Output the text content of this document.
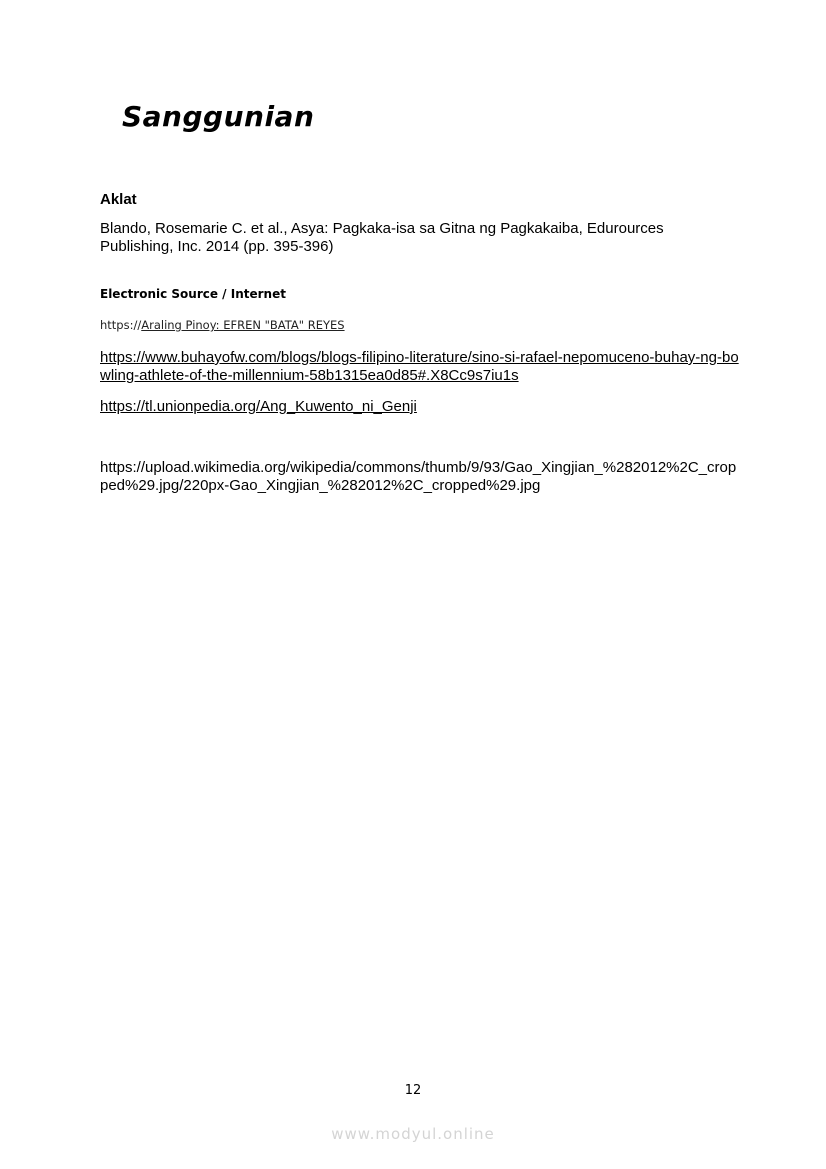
Sanggunian
Aklat

Blando, Rosemarie C. et al., Asya: Pagkaka-isa sa Gitna ng Pagkakaiba, Edurources
Publishing, Inc. 2014 (pp. 395-396)

Electronic Source / Internet

https://Araling Pinoy: EFREN "BATA" REYES

https://www.buhayofw.com/blogs/blogs-filipino-literature/sino-si-rafael-nepomuceno-buhay-ng-bowling-athlete-of-the-millennium-58b1315ea0d85#.X8Cc9s7iu1s
https://tl.unionpedia.org/Ang_Kuwento_ni_Genji

https://upload.wikimedia.org/wikipedia/commons/thumb/9/93/Gao_Xingjian_%282012%2C_cropped%29.jpg/220px-Gao_Xingjian_%282012%2C_cropped%29.jpg

12

www.modyul.online
